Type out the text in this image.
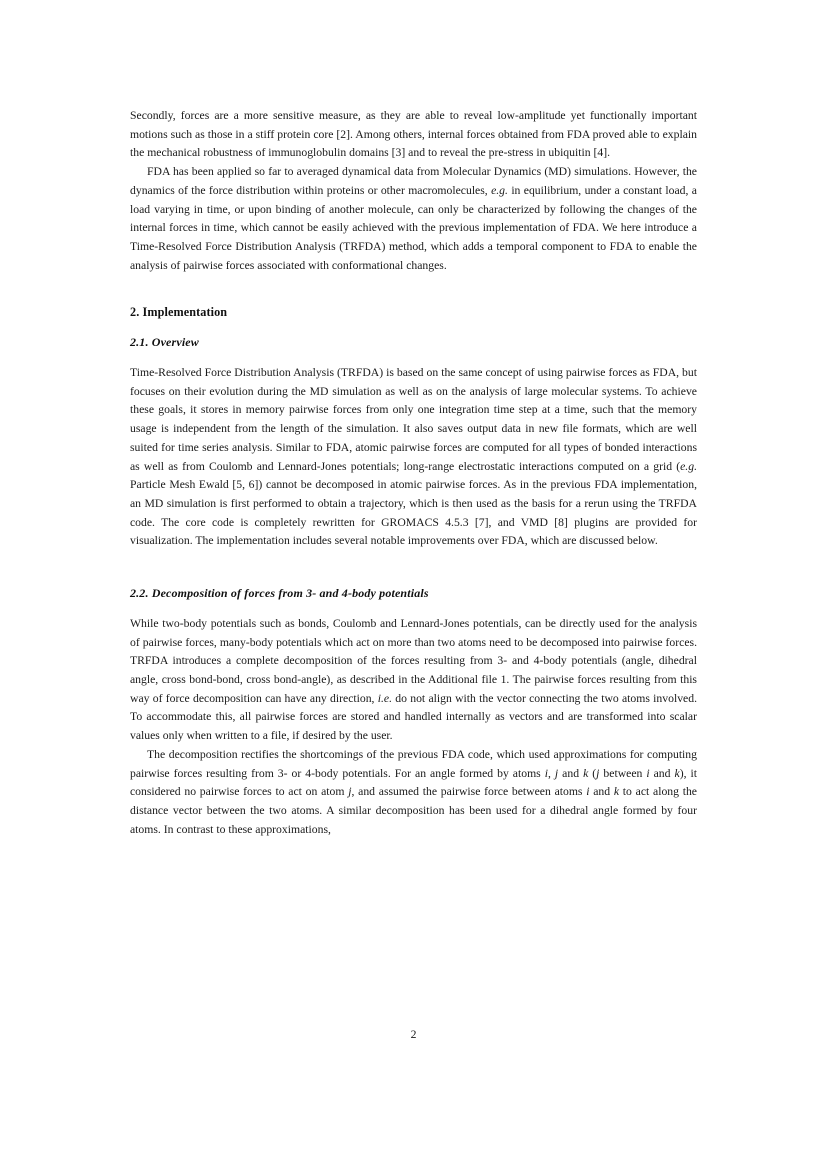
Secondly, forces are a more sensitive measure, as they are able to reveal low-amplitude yet functionally important motions such as those in a stiff protein core [2]. Among others, internal forces obtained from FDA proved able to explain the mechanical robustness of immunoglobulin domains [3] and to reveal the pre-stress in ubiquitin [4].

FDA has been applied so far to averaged dynamical data from Molecular Dynamics (MD) simulations. However, the dynamics of the force distribution within proteins or other macromolecules, e.g. in equilibrium, under a constant load, a load varying in time, or upon binding of another molecule, can only be characterized by following the changes of the internal forces in time, which cannot be easily achieved with the previous implementation of FDA. We here introduce a Time-Resolved Force Distribution Analysis (TRFDA) method, which adds a temporal component to FDA to enable the analysis of pairwise forces associated with conformational changes.

2. Implementation
2.1. Overview

Time-Resolved Force Distribution Analysis (TRFDA) is based on the same concept of using pairwise forces as FDA, but focuses on their evolution during the MD simulation as well as on the analysis of large molecular systems. To achieve these goals, it stores in memory pairwise forces from only one integration time step at a time, such that the memory usage is independent from the length of the simulation. It also saves output data in new file formats, which are well suited for time series analysis. Similar to FDA, atomic pairwise forces are computed for all types of bonded interactions as well as from Coulomb and Lennard-Jones potentials; long-range electrostatic interactions computed on a grid (e.g. Particle Mesh Ewald [5, 6]) cannot be decomposed in atomic pairwise forces. As in the previous FDA implementation, an MD simulation is first performed to obtain a trajectory, which is then used as the basis for a rerun using the TRFDA code. The core code is completely rewritten for GROMACS 4.5.3 [7], and VMD [8] plugins are provided for visualization. The implementation includes several notable improvements over FDA, which are discussed below.

2.2. Decomposition of forces from 3- and 4-body potentials

While two-body potentials such as bonds, Coulomb and Lennard-Jones potentials, can be directly used for the analysis of pairwise forces, many-body potentials which act on more than two atoms need to be decomposed into pairwise forces. TRFDA introduces a complete decomposition of the forces resulting from 3- and 4-body potentials (angle, dihedral angle, cross bond-bond, cross bond-angle), as described in the Additional file 1. The pairwise forces resulting from this way of force decomposition can have any direction, i.e. do not align with the vector connecting the two atoms involved. To accommodate this, all pairwise forces are stored and handled internally as vectors and are transformed into scalar values only when written to a file, if desired by the user.

The decomposition rectifies the shortcomings of the previous FDA code, which used approximations for computing pairwise forces resulting from 3- or 4-body potentials. For an angle formed by atoms i, j and k (j between i and k), it considered no pairwise forces to act on atom j, and assumed the pairwise force between atoms i and k to act along the distance vector between the two atoms. A similar decomposition has been used for a dihedral angle formed by four atoms. In contrast to these approximations,

2
